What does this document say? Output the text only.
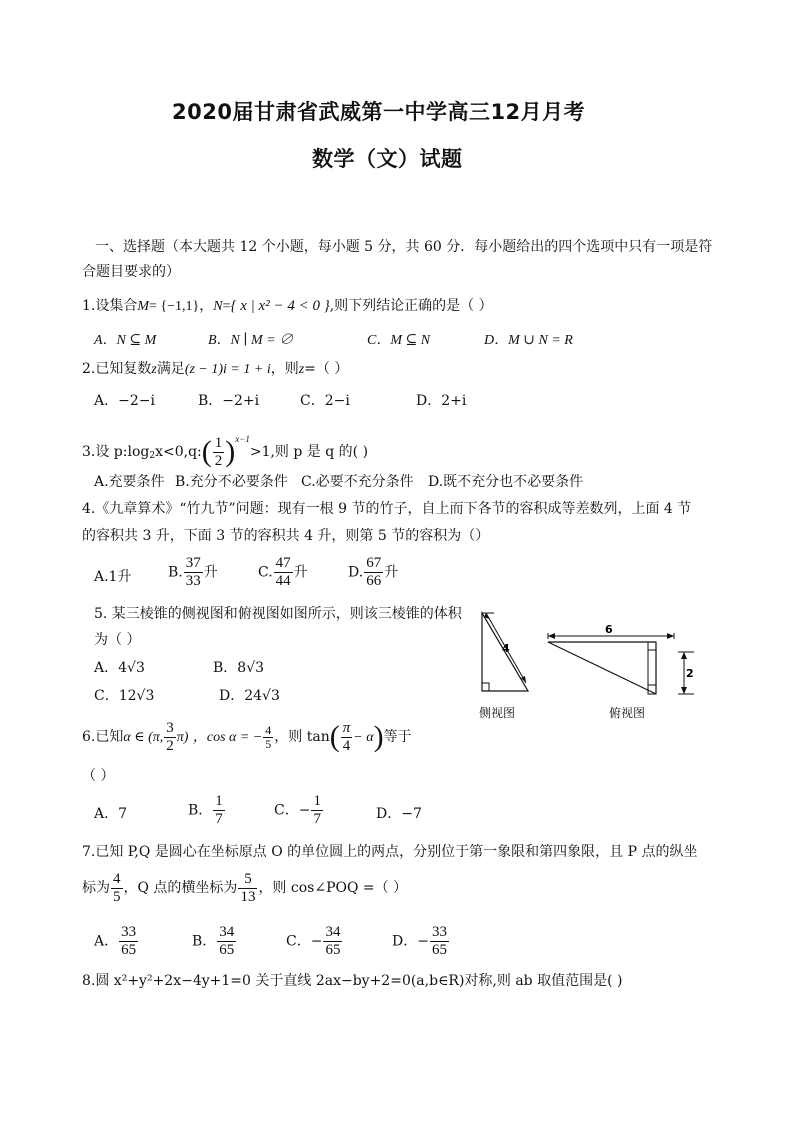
2020届甘肃省武威第一中学高三12月月考
数学（文）试题
一、选择题（本大题共 12 个小题，每小题 5 分，共 60 分．每小题给出的四个选项中只有一项是符
合题目要求的）
1.设集合M= {−1,1}，N={ x | x² − 4 < 0 },则下列结论正确的是（ ）
A．N ⊆ M	B．N ∣ M = ∅	C．M ⊆ N	D．M ∪ N = R
2.已知复数z满足(z − 1)i = 1 + i，则z=（ ）
A．−2−i	B．−2+i	C．2−i	D．2+i
3.设 $p:\log_2x<0,q:( \frac{1}{2} )^{x-1}>1$,则 p 是 q 的( )
A.充要条件 B.充分不必要条件 C.必要不充分条件 D.既不充分也不必要条件
4.《九章算术》“竹九节”问题：现有一根 9 节的竹子，自上而下各节的容积成等差数列，上面 4 节
的容积共 3 升，下面 3 节的容积共 4 升，则第 5 节的容积为（）
A.1升	B. $\frac{37}{33}$ 升	C. $\frac{47}{44}$ 升	D. $\frac{67}{66}$ 升
5. 某三棱锥的侧视图和俯视图如图所示，则该三棱锥的体积
为（ ）
A．4√3	B．8√3
C．12√3	D．24√3
4
6
2
侧视图	俯视图
6.已知α ∈ (π, $\frac{3}{2} \pi$) ，cos α = − $\frac{4}{5}$ ，则 $\tan( \frac{\pi}{4} - \alpha)$等于
（ ）
A．7	B． $\frac{1}{7}$	C．− $\frac{1}{7}$	D．−7
7.已知 P,Q 是圆心在坐标原点 O 的单位圆上的两点，分别位于第一象限和第四象限，且 P 点的纵坐
标为 $\frac{4}{5}$ ，Q 点的横坐标为 $\frac{5}{13}$ ，则 cos∠POQ =（ ）
A． $\frac{33}{65}$	B． $\frac{34}{65}$	C．− $\frac{34}{65}$	D．− $\frac{33}{65}$
8.圆 x²+y²+2x−4y+1=0 关于直线 2ax−by+2=0(a,b∈R)对称,则 ab 取值范围是( )
